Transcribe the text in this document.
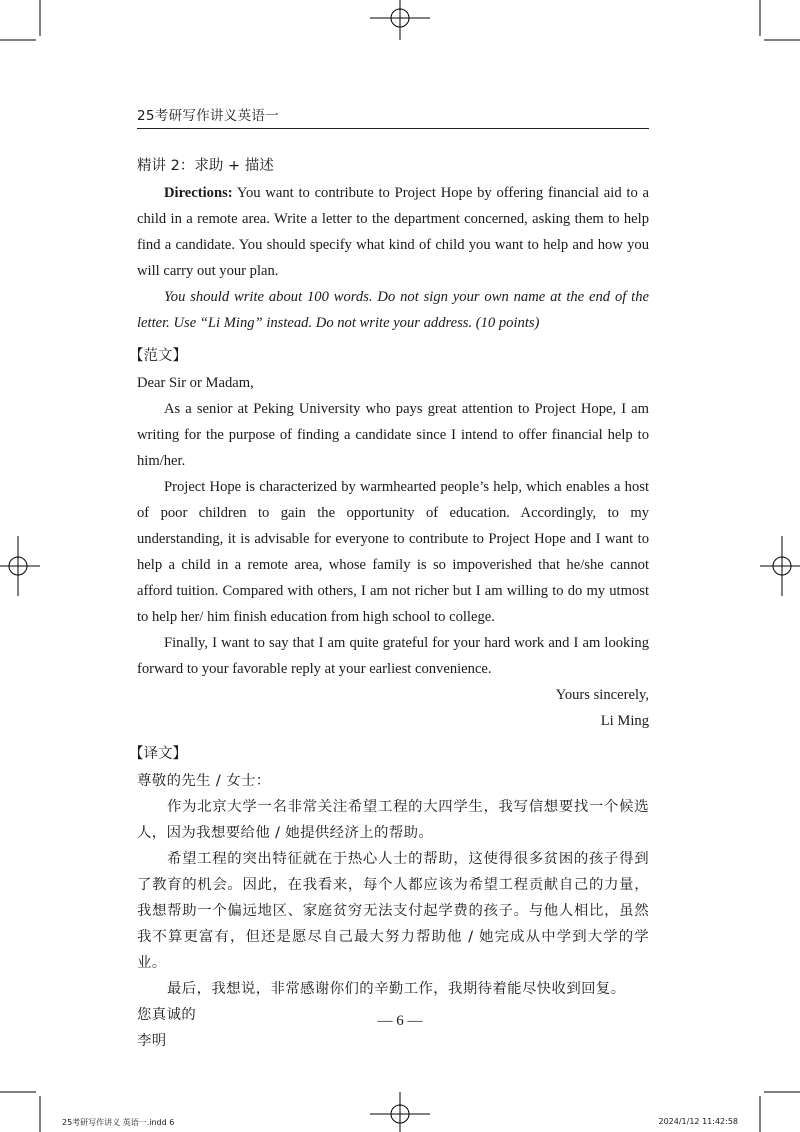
25考研写作讲义英语一

精讲 2：求助 + 描述

Directions: You want to contribute to Project Hope by offering financial aid to a child in a remote area. Write a letter to the department concerned, asking them to help find a candidate. You should specify what kind of child you want to help and how you will carry out your plan.

You should write about 100 words. Do not sign your own name at the end of the letter. Use “Li Ming” instead. Do not write your address. (10 points)

【范文】

Dear Sir or Madam,

As a senior at Peking University who pays great attention to Project Hope, I am writing for the purpose of finding a candidate since I intend to offer financial help to him/her.

Project Hope is characterized by warmhearted people’s help, which enables a host of poor children to gain the opportunity of education. Accordingly, to my understanding, it is advisable for everyone to contribute to Project Hope and I want to help a child in a remote area, whose family is so impoverished that he/she cannot afford tuition. Compared with others, I am not richer but I am willing to do my utmost to help her/ him finish education from high school to college.

Finally, I want to say that I am quite grateful for your hard work and I am looking forward to your favorable reply at your earliest convenience.

Yours sincerely,

Li Ming

【译文】

尊敬的先生 / 女士：

作为北京大学一名非常关注希望工程的大四学生，我写信想要找一个候选人，因为我想要给他 / 她提供经济上的帮助。

希望工程的突出特征就在于热心人士的帮助，这使得很多贫困的孩子得到了教育的机会。因此，在我看来，每个人都应该为希望工程贡献自己的力量，我想帮助一个偏远地区、家庭贫穷无法支付起学费的孩子。与他人相比，虽然我不算更富有，但还是愿尽自己最大努力帮助他 / 她完成从中学到大学的学业。

最后，我想说，非常感谢你们的辛勤工作，我期待着能尽快收到回复。

您真诚的

李明

— 6 —
25考研写作讲义 英语一.indd 6	2024/1/12 11:42:58
